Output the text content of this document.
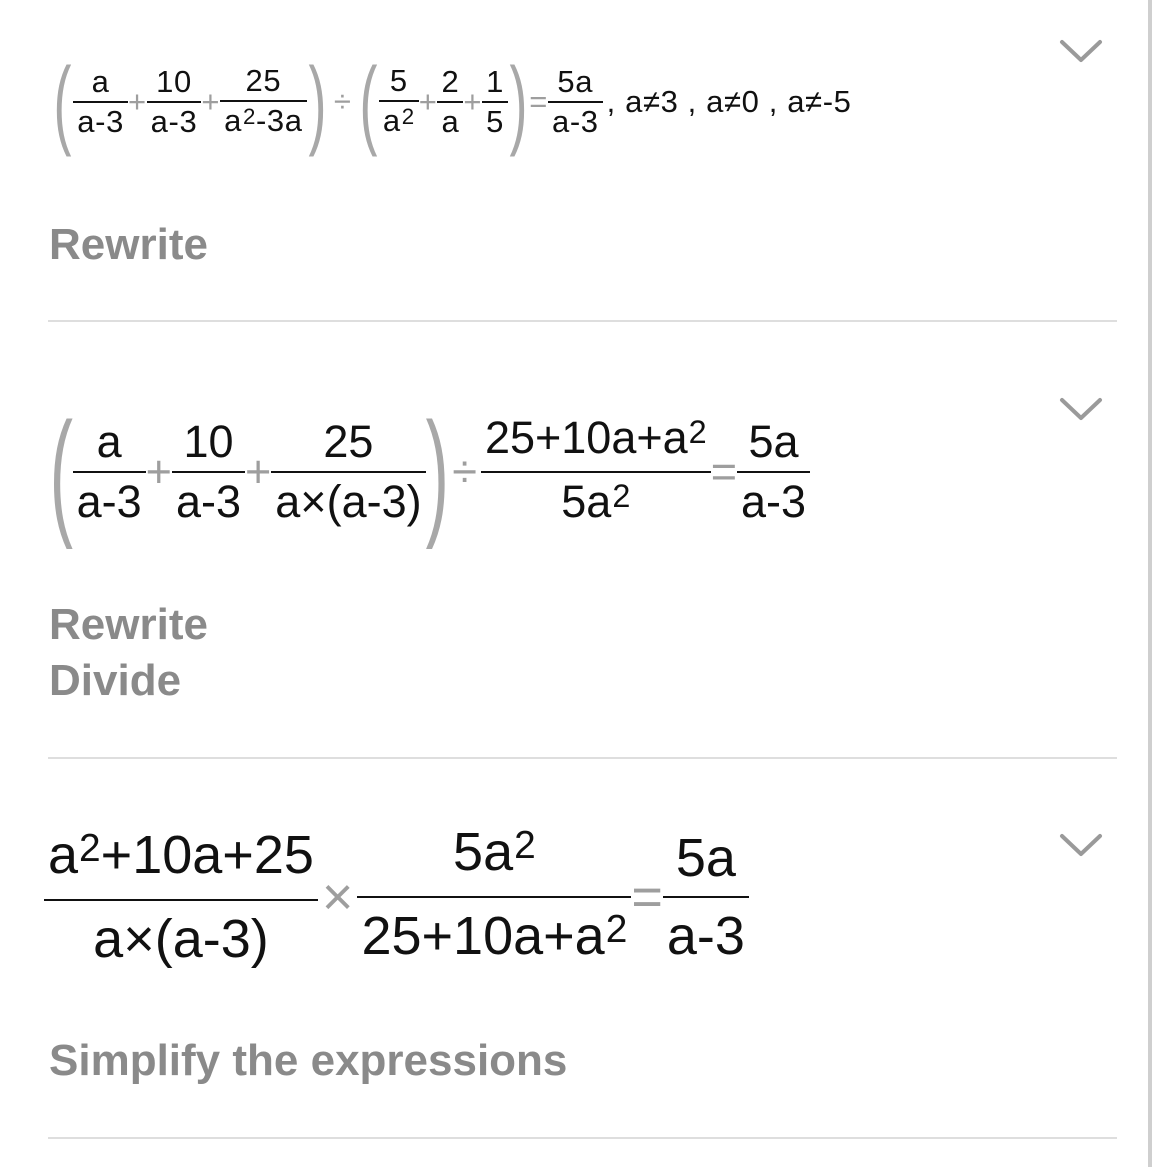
( $\frac{a}{a-3} + \frac{10}{a-3} + \frac{25}{a^2-3a}$ ) ÷ ( $\frac{5}{a^2} + \frac{2}{a} + \frac{1}{5}$ ) = $\frac{5a}{a-3}$ , a≠3 , a≠0 , a≠-5
Rewrite
( $\frac{a}{a-3} + \frac{10}{a-3} + \frac{25}{a\times(a-3)}$ ) ÷ $\frac{25+10a+a^2}{5a^2} = \frac{5a}{a-3}$
Rewrite
Divide
$\frac{a^2+10a+25}{a\times(a-3)} \times \frac{5a^2}{25+10a+a^2} = \frac{5a}{a-3}$
Simplify the expressions
